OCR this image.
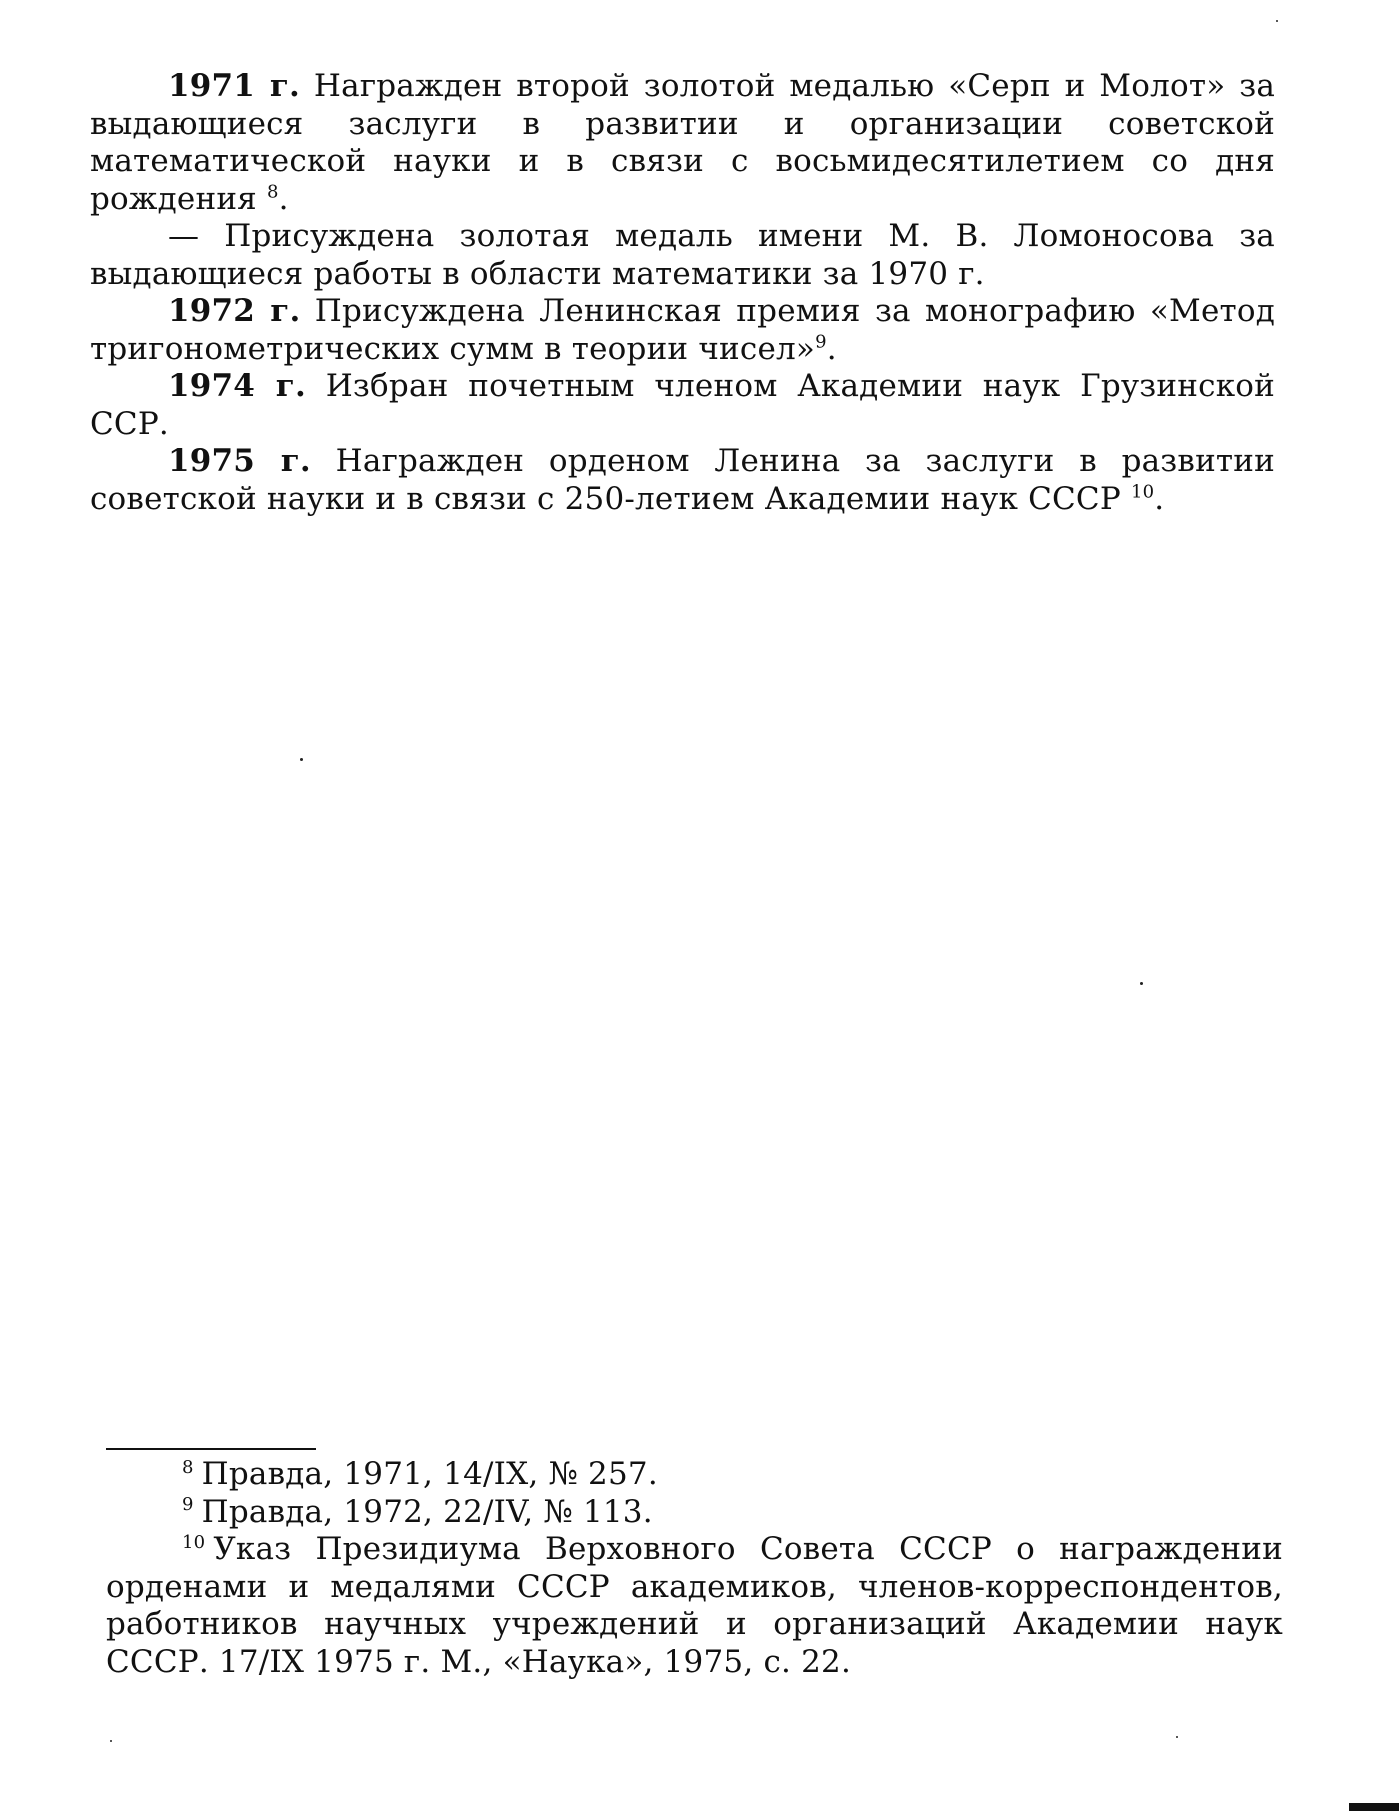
1971 г. Награжден второй золотой медалью «Серп и Молот» за выдающиеся заслуги в развитии и организации советской математической науки и в связи с восьмидесятилетием со дня рождения $^8$.

— Присуждена золотая медаль имени М. В. Ломоносова за выдающиеся работы в области математики за 1970 г.

1972 г. Присуждена Ленинская премия за монографию «Метод тригонометрических сумм в теории чисел»$^9$.

1974 г. Избран почетным членом Академии наук Грузинской ССР.

1975 г. Награжден орденом Ленина за заслуги в развитии советской науки и в связи с 250-летием Академии наук СССР $^{10}$.

$^8$ Правда, 1971, 14/IX, № 257.

$^9$ Правда, 1972, 22/IV, № 113.

$^{10}$ Указ Президиума Верховного Совета СССР о награждении орденами и медалями СССР академиков, членов-корреспондентов, работников научных учреждений и организаций Академии наук СССР. 17/IX 1975 г. М., «Наука», 1975, с. 22.
